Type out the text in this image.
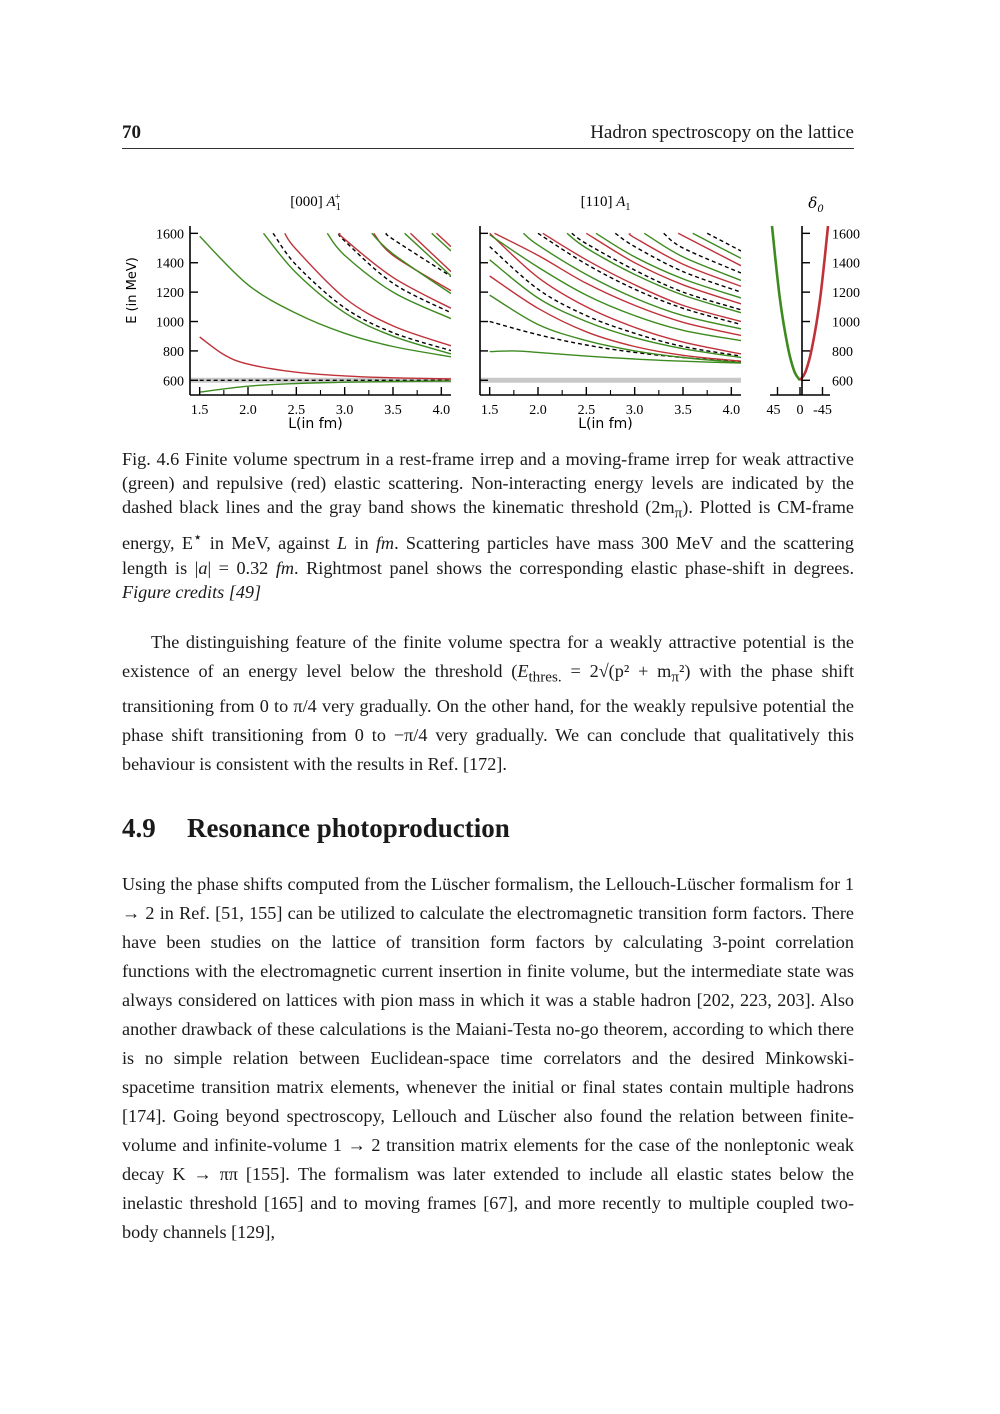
70	Hadron spectroscopy on the lattice
[000] $A_1+$
600
800
1000
1200
1400
1600
1.5 2.0 2.5 3.0 3.5 4.0
L(in fm)
[110] $A_1$
1.5 2.0 2.5 3.0 3.5 4.0
L(in fm)
$\delta_0$
600
800
1000
1200
1400
1600
45 0 -45
E (in MeV)
Fig. 4.6 Finite volume spectrum in a rest-frame irrep and a moving-frame irrep for weak attractive (green) and repulsive (red) elastic scattering. Non-interacting energy levels are indicated by the dashed black lines and the gray band shows the kinematic threshold $(2m_\pi)$. Plotted is CM-frame energy, E⋆ in MeV, against L in fm. Scattering particles have mass 300 MeV and the scattering length is |a| = 0.32 fm. Rightmost panel shows the corresponding elastic phase-shift in degrees. Figure credits [49]
The distinguishing feature of the finite volume spectra for a weakly attractive potential is the existence of an energy level below the threshold ($E_{thres.} = 2√(p^2 + m_\pi^2)$ with the phase shift transitioning from 0 to π/4 very gradually. On the other hand, for the weakly repulsive potential the phase shift transitioning from 0 to −π/4 very gradually. We can conclude that qualitatively this behaviour is consistent with the results in Ref. [172].
4.9 Resonance photoproduction
Using the phase shifts computed from the Lüscher formalism, the Lellouch-Lüscher formalism for 1 → 2 in Ref. [51, 155] can be utilized to calculate the electromagnetic transition form factors. There have been studies on the lattice of transition form factors by calculating 3-point correlation functions with the electromagnetic current insertion in finite volume, but the intermediate state was always considered on lattices with pion mass in which it was a stable hadron [202, 223, 203]. Also another drawback of these calculations is the Maiani-Testa no-go theorem, according to which there is no simple relation between Euclidean-space time correlators and the desired Minkowski-spacetime transition matrix elements, whenever the initial or final states contain multiple hadrons [174]. Going beyond spectroscopy, Lellouch and Lüscher also found the relation between finite-volume and infinite-volume 1 → 2 transition matrix elements for the case of the nonleptonic weak decay K → ππ [155]. The formalism was later extended to include all elastic states below the inelastic threshold [165] and to moving frames [67], and more recently to multiple coupled two-body channels [129],
